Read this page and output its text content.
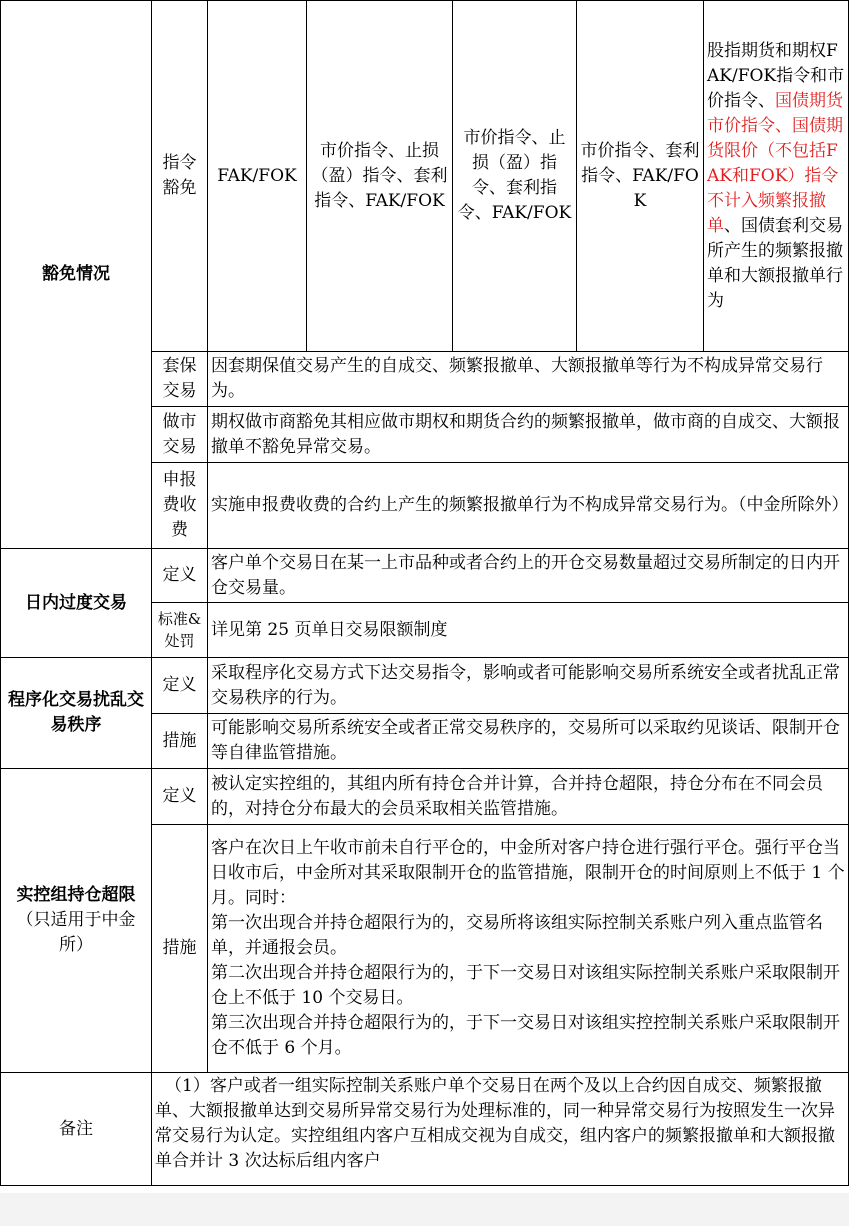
豁免情况	指令豁免	FAK/FOK	市价指令、止损（盈）指令、套利指令、FAK/FOK	市价指令、止损（盈）指令、套利指令、FAK/FOK	市价指令、套利指令、FAK/FOK	股指期货和期权FAK/FOK指令和市价指令、国债期货市价指令、国债期货限价（不包括FAK和FOK）指令不计入频繁报撤单、国债套利交易所产生的频繁报撤单和大额报撤单行为
	套保交易	因套期保值交易产生的自成交、频繁报撤单、大额报撤单等行为不构成异常交易行为。				
	做市交易	期权做市商豁免其相应做市期权和期货合约的频繁报撤单，做市商的自成交、大额报撤单不豁免异常交易。				
	申报费收费	实施申报费收费的合约上产生的频繁报撤单行为不构成异常交易行为。（中金所除外）				
日内过度交易	定义	客户单个交易日在某一上市品种或者合约上的开仓交易数量超过交易所制定的日内开仓交易量。				
	标准&处罚	详见第 25 页单日交易限额制度				
程序化交易扰乱交易秩序	定义	采取程序化交易方式下达交易指令，影响或者可能影响交易所系统安全或者扰乱正常交易秩序的行为。				
	措施	可能影响交易所系统安全或者正常交易秩序的，交易所可以采取约见谈话、限制开仓等自律监管措施。				
实控组持仓超限
（只适用于中金所）	定义	被认定实控组的，其组内所有持仓合并计算，合并持仓超限，持仓分布在不同会员的，对持仓分布最大的会员采取相关监管措施。				
	措施	客户在次日上午收市前未自行平仓的，中金所对客户持仓进行强行平仓。强行平仓当日收市后，中金所对其采取限制开仓的监管措施，限制开仓的时间原则上不低于 1 个月。同时：
第一次出现合并持仓超限行为的，交易所将该组实际控制关系账户列入重点监管名单，并通报会员。
第二次出现合并持仓超限行为的，于下一交易日对该组实际控制关系账户采取限制开仓上不低于 10 个交易日。
第三次出现合并持仓超限行为的，于下一交易日对该组实控控制关系账户采取限制开仓不低于 6 个月。				

备注	（1）客户或者一组实际控制关系账户单个交易日在两个及以上合约因自成交、频繁报撤单、大额报撤单达到交易所异常交易行为处理标准的，同一种异常交易行为按照发生一次异常交易行为认定。实控组组内客户互相成交视为自成交，组内客户的频繁报撤单和大额报撤单合并计 3 次达标后组内客户					
